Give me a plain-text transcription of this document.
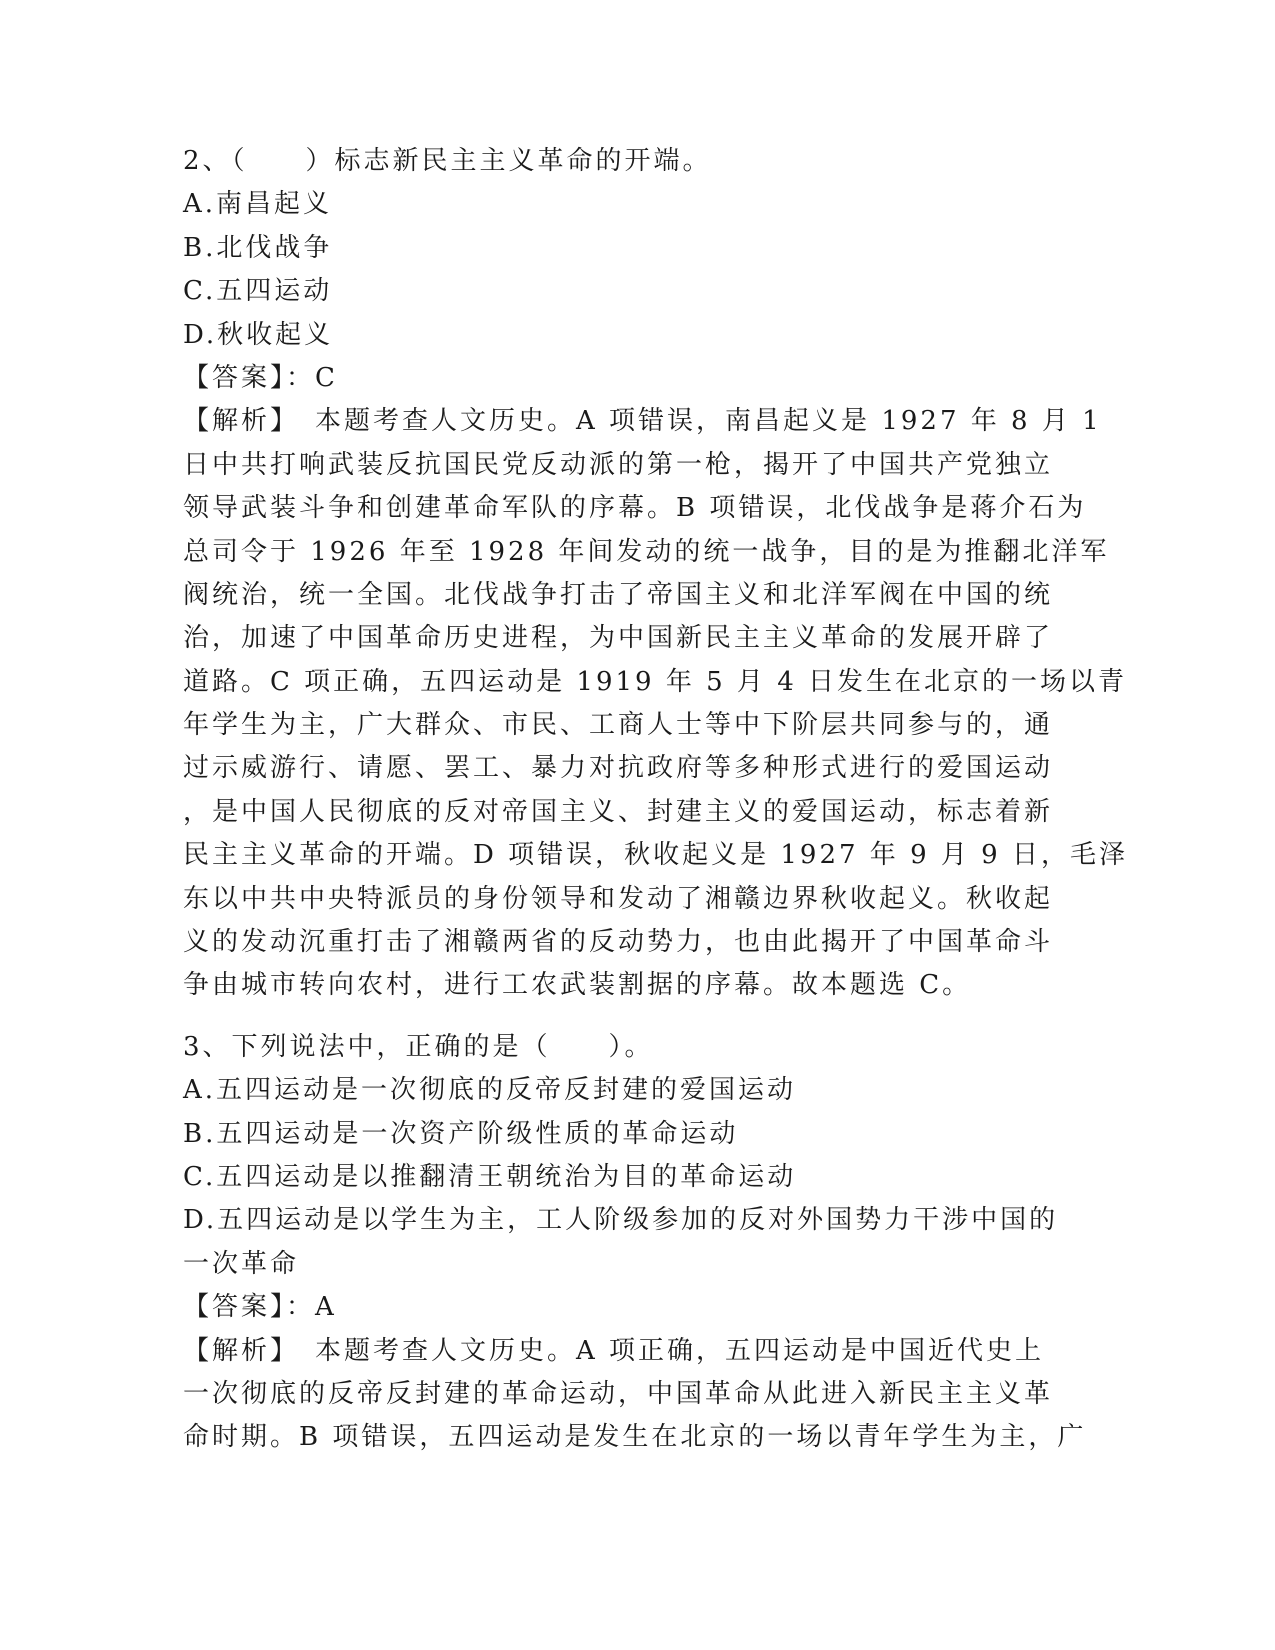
2、（　　）标志新民主主义革命的开端。
A.南昌起义
B.北伐战争
C.五四运动
D.秋收起义
【答案】：C
【解析】　本题考查人文历史。A 项错误，南昌起义是 1927 年 8 月 1
日中共打响武装反抗国民党反动派的第一枪，揭开了中国共产党独立
领导武装斗争和创建革命军队的序幕。B 项错误，北伐战争是蒋介石为
总司令于 1926 年至 1928 年间发动的统一战争，目的是为推翻北洋军
阀统治，统一全国。北伐战争打击了帝国主义和北洋军阀在中国的统
治，加速了中国革命历史进程，为中国新民主主义革命的发展开辟了
道路。C 项正确，五四运动是 1919 年 5 月 4 日发生在北京的一场以青
年学生为主，广大群众、市民、工商人士等中下阶层共同参与的，通
过示威游行、请愿、罢工、暴力对抗政府等多种形式进行的爱国运动
，是中国人民彻底的反对帝国主义、封建主义的爱国运动，标志着新
民主主义革命的开端。D 项错误，秋收起义是 1927 年 9 月 9 日，毛泽
东以中共中央特派员的身份领导和发动了湘赣边界秋收起义。秋收起
义的发动沉重打击了湘赣两省的反动势力，也由此揭开了中国革命斗
争由城市转向农村，进行工农武装割据的序幕。故本题选 C。
3、下列说法中，正确的是（　　）。
A.五四运动是一次彻底的反帝反封建的爱国运动
B.五四运动是一次资产阶级性质的革命运动
C.五四运动是以推翻清王朝统治为目的革命运动
D.五四运动是以学生为主，工人阶级参加的反对外国势力干涉中国的
一次革命
【答案】：A
【解析】　本题考查人文历史。A 项正确，五四运动是中国近代史上
一次彻底的反帝反封建的革命运动，中国革命从此进入新民主主义革
命时期。B 项错误，五四运动是发生在北京的一场以青年学生为主，广
